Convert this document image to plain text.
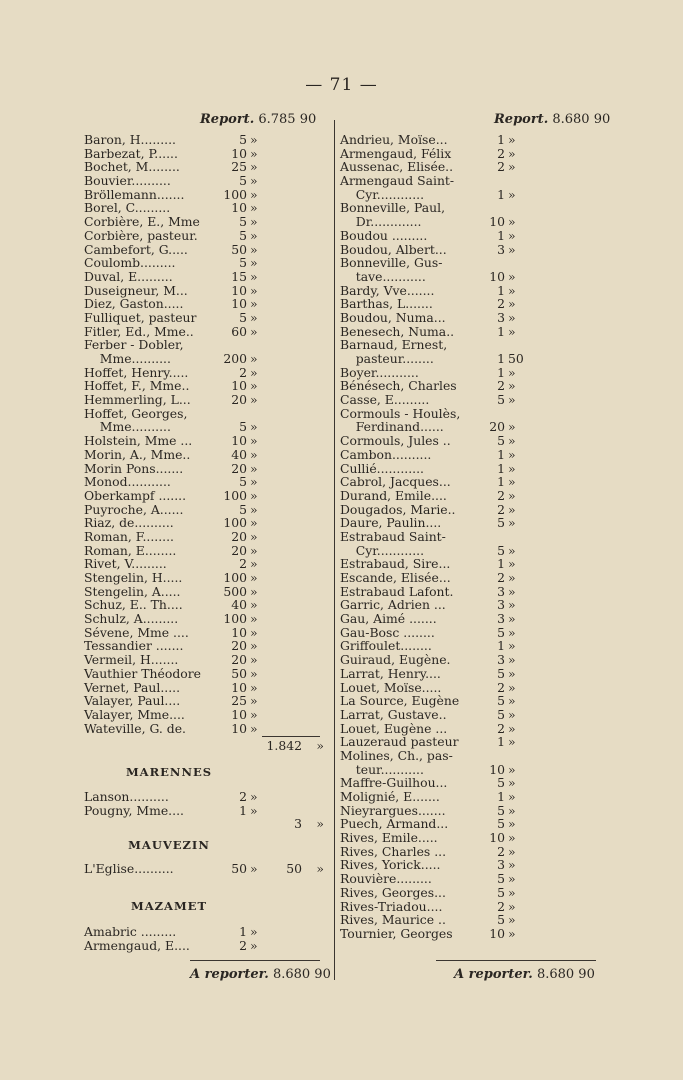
— 71 —
Report. 6.785 90	Report. 8.680 90
Baron, H.........	5 »
Barbezat, P......	10 »
Bochet, M........	25 »
Bouvier..........	5 »
Bröllemann.......	100 »
Borel, C.........	10 »
Corbière, E., Mme	5 »
Corbière, pasteur.	5 »
Cambefort, G.....	50 »
Coulomb.........	5 »
Duval, E.........	15 »
Duseigneur, M...	10 »
Diez, Gaston.....	10 »
Fulliquet, pasteur	5 »
Fitler, Ed., Mme..	60 »
Ferber - Dobler,
Mme..........	200 »
Hoffet, Henry.....	2 »
Hoffet, F., Mme..	10 »
Hemmerling, L...	20 »
Hoffet, Georges,
Mme..........	5 »
Holstein, Mme ...	10 »
Morin, A., Mme..	40 »
Morin Pons.......	20 »
Monod...........	5 »
Oberkampf .......	100 »
Puyroche, A......	5 »
Riaz, de..........	100 »
Roman, F........	20 »
Roman, E........	20 »
Rivet, V.........	2 »
Stengelin, H.....	100 »
Stengelin, A.....	500 »
Schuz, E.. Th....	40 »
Schulz, A.........	100 »
Sévene, Mme ....	10 »
Tessandier .......	20 »
Vermeil, H.......	20 »
Vauthier Théodore 50 »
Vernet, Paul.....	10 »
Valayer, Paul....	25 »
Valayer, Mme....	10 »
Wateville, G. de.	10 »
1.842 »
MARENNES
Lanson..........	2 »
Pougny, Mme....	1 »
3 »
MAUVEZIN
L'Eglise..........	50 » 50 »
MAZAMET
Amabric .........	1 »
Armengaud, E....	2 »
Andrieu, Moïse...	1 »
Armengaud, Félix	2 »
Aussenac, Elisée..	2 »
Armengaud Saint-
Cyr............	1 »
Bonneville, Paul,
Dr.............	10 »
Boudou .........	1 »
Boudou, Albert...	3 »
Bonneville, Gus-
tave...........	10 »
Bardy, Vve.......	1 »
Barthas, L.......	2 »
Boudou, Numa...	3 »
Benesech, Numa..	1 »
Barnaud, Ernest,
pasteur........	1 50
Boyer...........	1 »
Bénésech, Charles	2 »
Casse, E.........	5 »
Cormouls - Houlès,
Ferdinand......	20 »
Cormouls, Jules ..	5 »
Cambon..........	1 »
Cullié............	1 »
Cabrol, Jacques...	1 »
Durand, Emile....	2 »
Dougados, Marie..	2 »
Daure, Paulin....	5 »
Estrabaud Saint-
Cyr............	5 »
Estrabaud, Sire...	1 »
Escande, Elisée...	2 »
Estrabaud Lafont.	3 »
Garric, Adrien ...	3 »
Gau, Aimé .......	3 »
Gau-Bosc ........	5 »
Griffoulet........	1 »
Guiraud, Eugène.	3 »
Larrat, Henry....	5 »
Louet, Moïse.....	2 »
La Source, Eugène	5 »
Larrat, Gustave..	5 »
Louet, Eugène ...	2 »
Lauzeraud pasteur	1 »
Molines, Ch., pas-
teur...........	10 »
Maffre-Guilhou...	5 »
Molignié, E.......	1 »
Nieyrargues.......	5 »
Puech, Armand...	5 »
Rives, Emile.....	10 »
Rives, Charles ...	2 »
Rives, Yorick.....	3 »
Rouvière.........	5 »
Rives, Georges...	5 »
Rives-Triadou....	2 »
Rives, Maurice ..	5 »
Tournier, Georges	10 »
A reporter. 8.680 90	A reporter. 8.680 90
